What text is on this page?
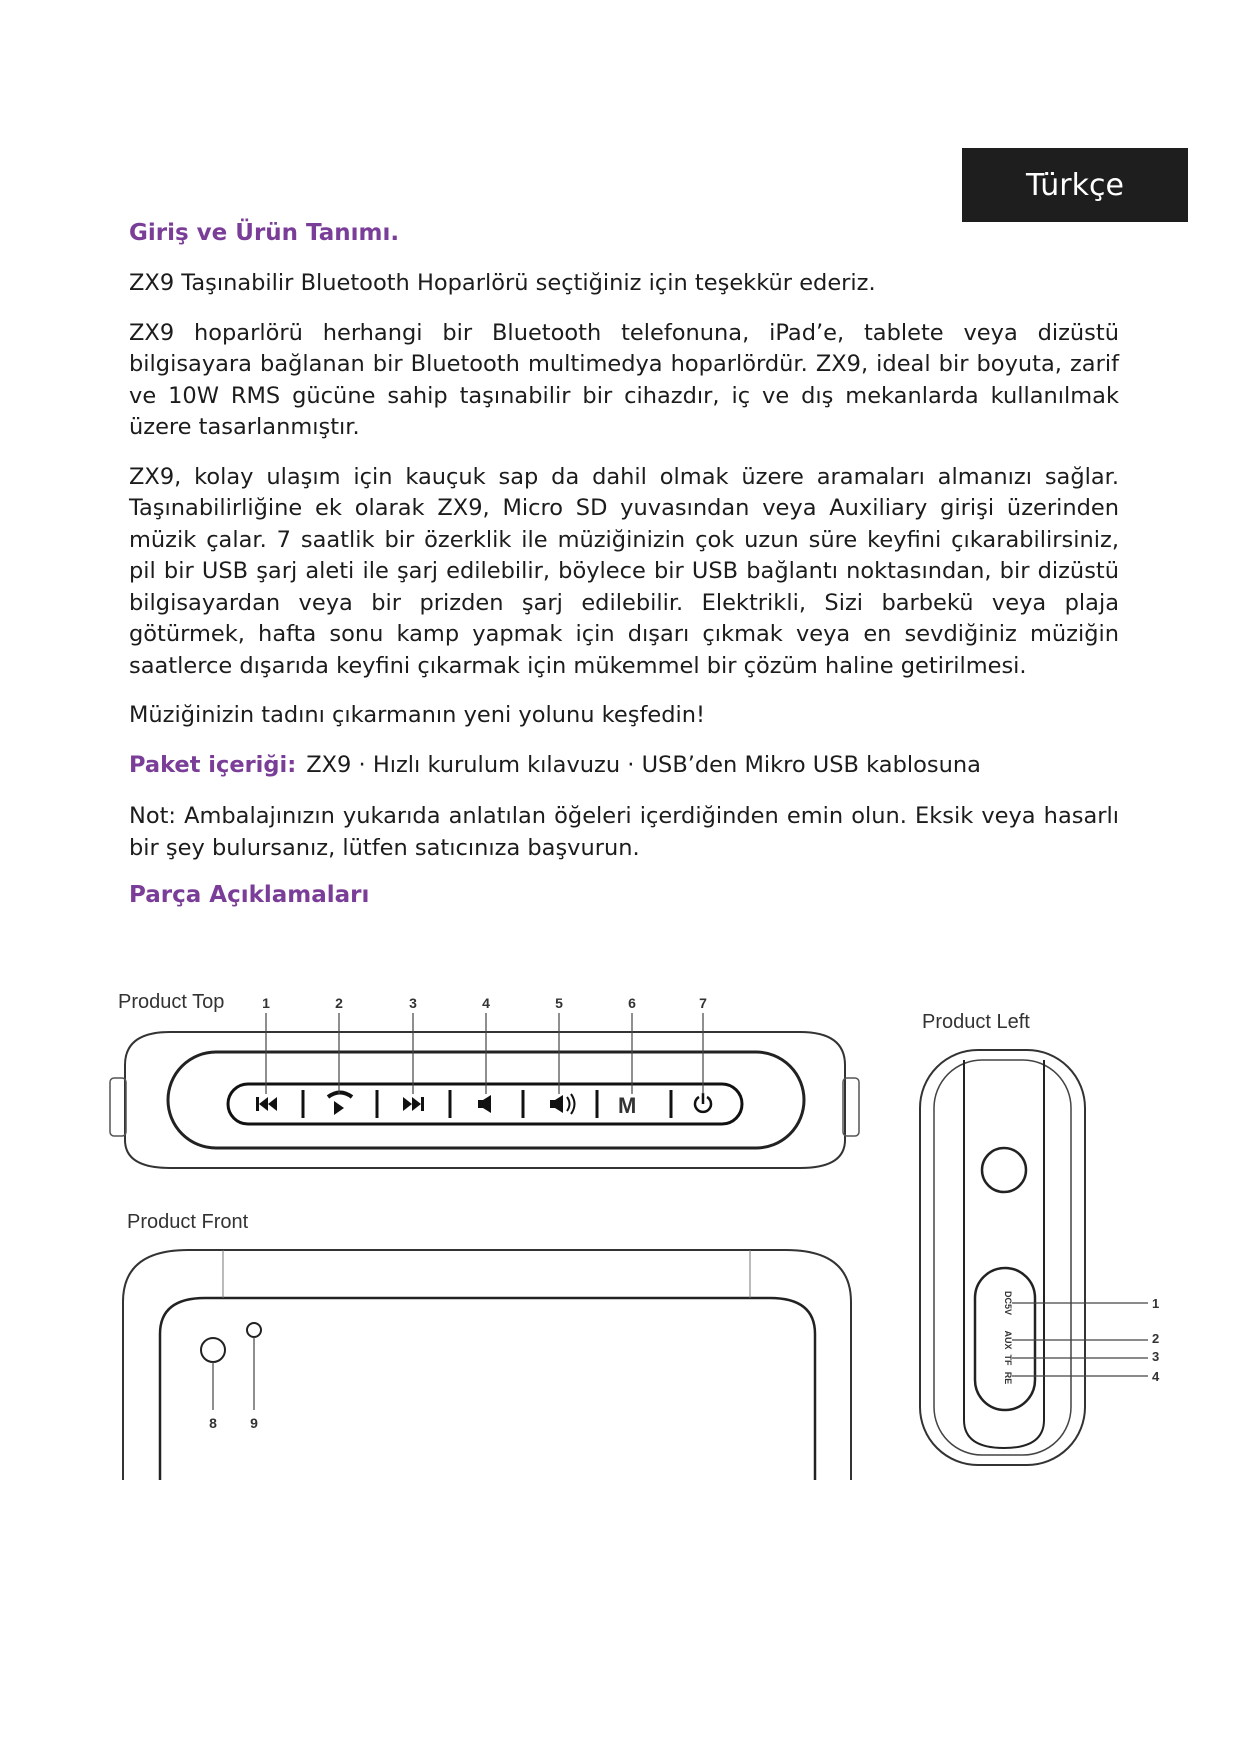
Türkçe
Giriş ve Ürün Tanımı.

ZX9 Taşınabilir Bluetooth Hoparlörü seçtiğiniz için teşekkür ederiz.

ZX9 hoparlörü herhangi bir Bluetooth telefonuna, iPad’e, tablete veya dizüstü bilgisayara bağlanan bir Bluetooth multimedya hoparlördür. ZX9, ideal bir boyuta, zarif ve 10W RMS gücüne sahip taşınabilir bir cihazdır, iç ve dış mekanlarda kullanılmak üzere tasarlanmıştır.

ZX9, kolay ulaşım için kauçuk sap da dahil olmak üzere aramaları almanızı sağlar. Taşınabilirliğine ek olarak ZX9, Micro SD yuvasından veya Auxiliary girişi üzerinden müzik çalar. 7 saatlik bir özerklik ile müziğinizin çok uzun süre keyfini çıkarabilirsiniz, pil bir USB şarj aleti ile şarj edilebilir, böylece bir USB bağlantı noktasından, bir dizüstü bilgisayardan veya bir prizden şarj edilebilir. Elektrikli, Sizi barbekü veya plaja götürmek, hafta sonu kamp yapmak için dışarı çıkmak veya en sevdiğiniz müziğin saatlerce dışarıda keyfini çıkarmak için mükemmel bir çözüm haline getirilmesi.

Müziğinizin tadını çıkarmanın yeni yolunu keşfedin!

Paket içeriği: ZX9 · Hızlı kurulum kılavuzu · USB’den Mikro USB kablosuna

Not: Ambalajınızın yukarıda anlatılan öğeleri içerdiğinden emin olun. Eksik veya hasarlı bir şey bulursanız, lütfen satıcınıza başvurun.

Parça Açıklamaları
Product Top
M
1	2	3	4	5	6	7
Product Front
8 9
Product Left
DC5V
AUX
TF
RE
1
2
3
4
